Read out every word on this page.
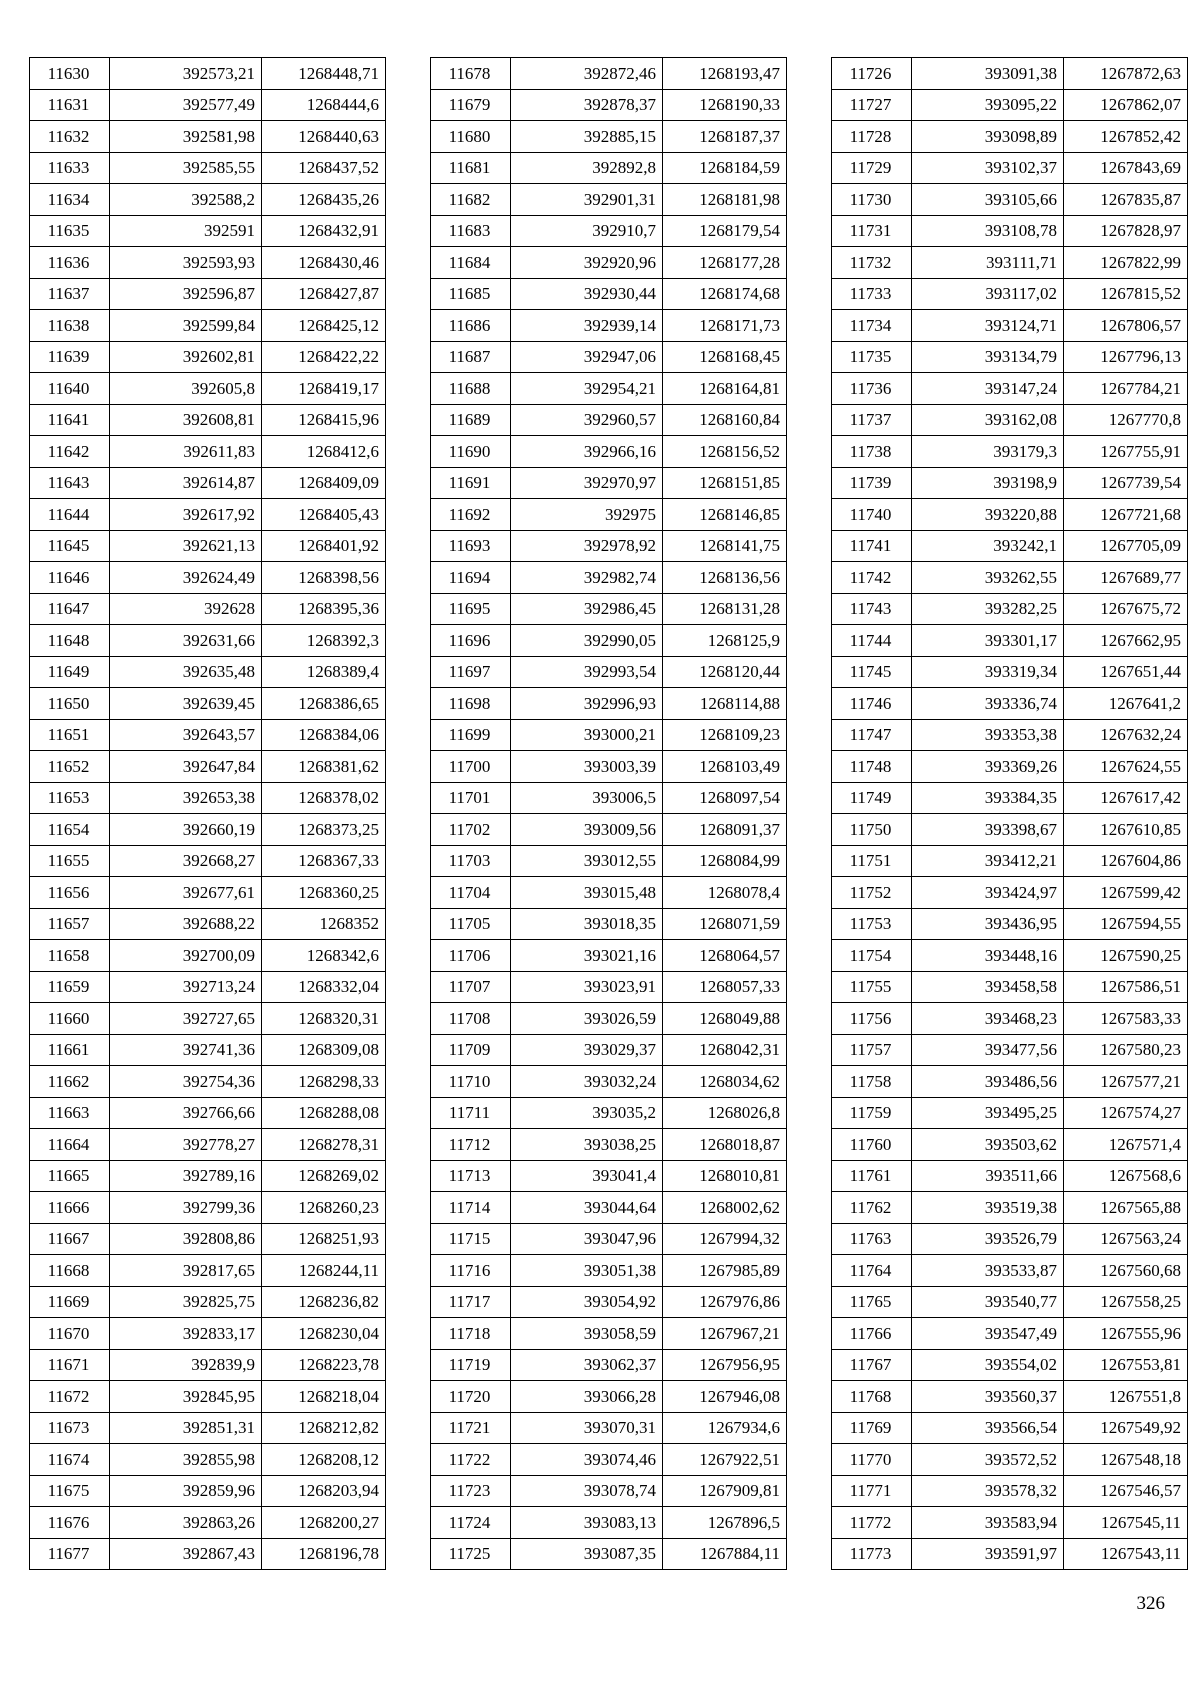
11630	392573,21	1268448,71
11631	392577,49	1268444,6
11632	392581,98	1268440,63
11633	392585,55	1268437,52
11634	392588,2	1268435,26
11635	392591	1268432,91
11636	392593,93	1268430,46
11637	392596,87	1268427,87
11638	392599,84	1268425,12
11639	392602,81	1268422,22
11640	392605,8	1268419,17
11641	392608,81	1268415,96
11642	392611,83	1268412,6
11643	392614,87	1268409,09
11644	392617,92	1268405,43
11645	392621,13	1268401,92
11646	392624,49	1268398,56
11647	392628	1268395,36
11648	392631,66	1268392,3
11649	392635,48	1268389,4
11650	392639,45	1268386,65
11651	392643,57	1268384,06
11652	392647,84	1268381,62
11653	392653,38	1268378,02
11654	392660,19	1268373,25
11655	392668,27	1268367,33
11656	392677,61	1268360,25
11657	392688,22	1268352
11658	392700,09	1268342,6
11659	392713,24	1268332,04
11660	392727,65	1268320,31
11661	392741,36	1268309,08
11662	392754,36	1268298,33
11663	392766,66	1268288,08
11664	392778,27	1268278,31
11665	392789,16	1268269,02
11666	392799,36	1268260,23
11667	392808,86	1268251,93
11668	392817,65	1268244,11
11669	392825,75	1268236,82
11670	392833,17	1268230,04
11671	392839,9	1268223,78
11672	392845,95	1268218,04
11673	392851,31	1268212,82
11674	392855,98	1268208,12
11675	392859,96	1268203,94
11676	392863,26	1268200,27
11677	392867,43	1268196,78
11678	392872,46	1268193,47
11679	392878,37	1268190,33
11680	392885,15	1268187,37
11681	392892,8	1268184,59
11682	392901,31	1268181,98
11683	392910,7	1268179,54
11684	392920,96	1268177,28
11685	392930,44	1268174,68
11686	392939,14	1268171,73
11687	392947,06	1268168,45
11688	392954,21	1268164,81
11689	392960,57	1268160,84
11690	392966,16	1268156,52
11691	392970,97	1268151,85
11692	392975	1268146,85
11693	392978,92	1268141,75
11694	392982,74	1268136,56
11695	392986,45	1268131,28
11696	392990,05	1268125,9
11697	392993,54	1268120,44
11698	392996,93	1268114,88
11699	393000,21	1268109,23
11700	393003,39	1268103,49
11701	393006,5	1268097,54
11702	393009,56	1268091,37
11703	393012,55	1268084,99
11704	393015,48	1268078,4
11705	393018,35	1268071,59
11706	393021,16	1268064,57
11707	393023,91	1268057,33
11708	393026,59	1268049,88
11709	393029,37	1268042,31
11710	393032,24	1268034,62
11711	393035,2	1268026,8
11712	393038,25	1268018,87
11713	393041,4	1268010,81
11714	393044,64	1268002,62
11715	393047,96	1267994,32
11716	393051,38	1267985,89
11717	393054,92	1267976,86
11718	393058,59	1267967,21
11719	393062,37	1267956,95
11720	393066,28	1267946,08
11721	393070,31	1267934,6
11722	393074,46	1267922,51
11723	393078,74	1267909,81
11724	393083,13	1267896,5
11725	393087,35	1267884,11
11726	393091,38	1267872,63
11727	393095,22	1267862,07
11728	393098,89	1267852,42
11729	393102,37	1267843,69
11730	393105,66	1267835,87
11731	393108,78	1267828,97
11732	393111,71	1267822,99
11733	393117,02	1267815,52
11734	393124,71	1267806,57
11735	393134,79	1267796,13
11736	393147,24	1267784,21
11737	393162,08	1267770,8
11738	393179,3	1267755,91
11739	393198,9	1267739,54
11740	393220,88	1267721,68
11741	393242,1	1267705,09
11742	393262,55	1267689,77
11743	393282,25	1267675,72
11744	393301,17	1267662,95
11745	393319,34	1267651,44
11746	393336,74	1267641,2
11747	393353,38	1267632,24
11748	393369,26	1267624,55
11749	393384,35	1267617,42
11750	393398,67	1267610,85
11751	393412,21	1267604,86
11752	393424,97	1267599,42
11753	393436,95	1267594,55
11754	393448,16	1267590,25
11755	393458,58	1267586,51
11756	393468,23	1267583,33
11757	393477,56	1267580,23
11758	393486,56	1267577,21
11759	393495,25	1267574,27
11760	393503,62	1267571,4
11761	393511,66	1267568,6
11762	393519,38	1267565,88
11763	393526,79	1267563,24
11764	393533,87	1267560,68
11765	393540,77	1267558,25
11766	393547,49	1267555,96
11767	393554,02	1267553,81
11768	393560,37	1267551,8
11769	393566,54	1267549,92
11770	393572,52	1267548,18
11771	393578,32	1267546,57
11772	393583,94	1267545,11
11773	393591,97	1267543,11
326
